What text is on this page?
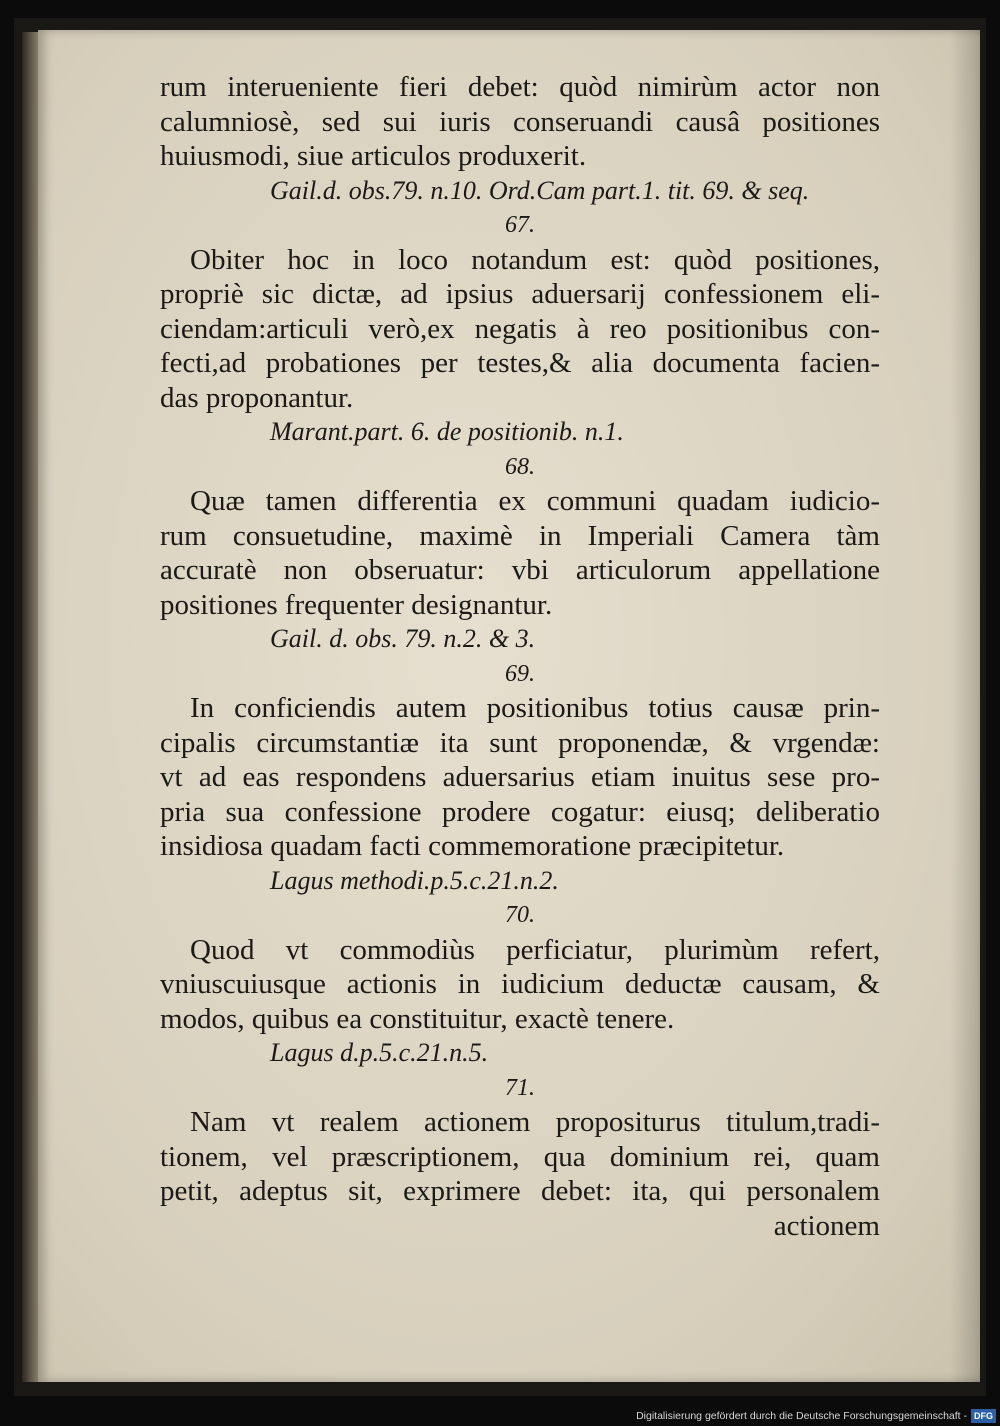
rum interueniente fieri debet: quòd nimirùm actor non
calumniosè, sed sui iuris conseruandi causâ positiones
huiusmodi, siue articulos produxerit.
Gail.d. obs.79. n.10. Ord.Cam part.1. tit. 69. & seq.
67.
Obiter hoc in loco notandum est: quòd positiones,
propriè sic dictæ, ad ipsius aduersarij confessionem eli-
ciendam:articuli verò,ex negatis à reo positionibus con-
fecti,ad probationes per testes,& alia documenta facien-
das proponantur.
Marant.part. 6. de positionib. n.1.
68.
Quæ tamen differentia ex communi quadam iudicio-
rum consuetudine, maximè in Imperiali Camera tàm
accuratè non obseruatur: vbi articulorum appellatione
positiones frequenter designantur.
Gail. d. obs. 79. n.2. & 3.
69.
In conficiendis autem positionibus totius causæ prin-
cipalis circumstantiæ ita sunt proponendæ, & vrgendæ:
vt ad eas respondens aduersarius etiam inuitus sese pro-
pria sua confessione prodere cogatur: eiusq; deliberatio
insidiosa quadam facti commemoratione præcipitetur.
Lagus methodi.p.5.c.21.n.2.
70.
Quod vt commodiùs perficiatur, plurimùm refert,
vniuscuiusque actionis in iudicium deductæ causam, &
modos, quibus ea constituitur, exactè tenere.
Lagus d.p.5.c.21.n.5.
71.
Nam vt realem actionem propositurus titulum,tradi-
tionem, vel præscriptionem, qua dominium rei, quam
petit, adeptus sit, exprimere debet: ita, qui personalem
actionem
Digitalisierung gefördert durch die Deutsche Forschungsgemeinschaft - DFG
